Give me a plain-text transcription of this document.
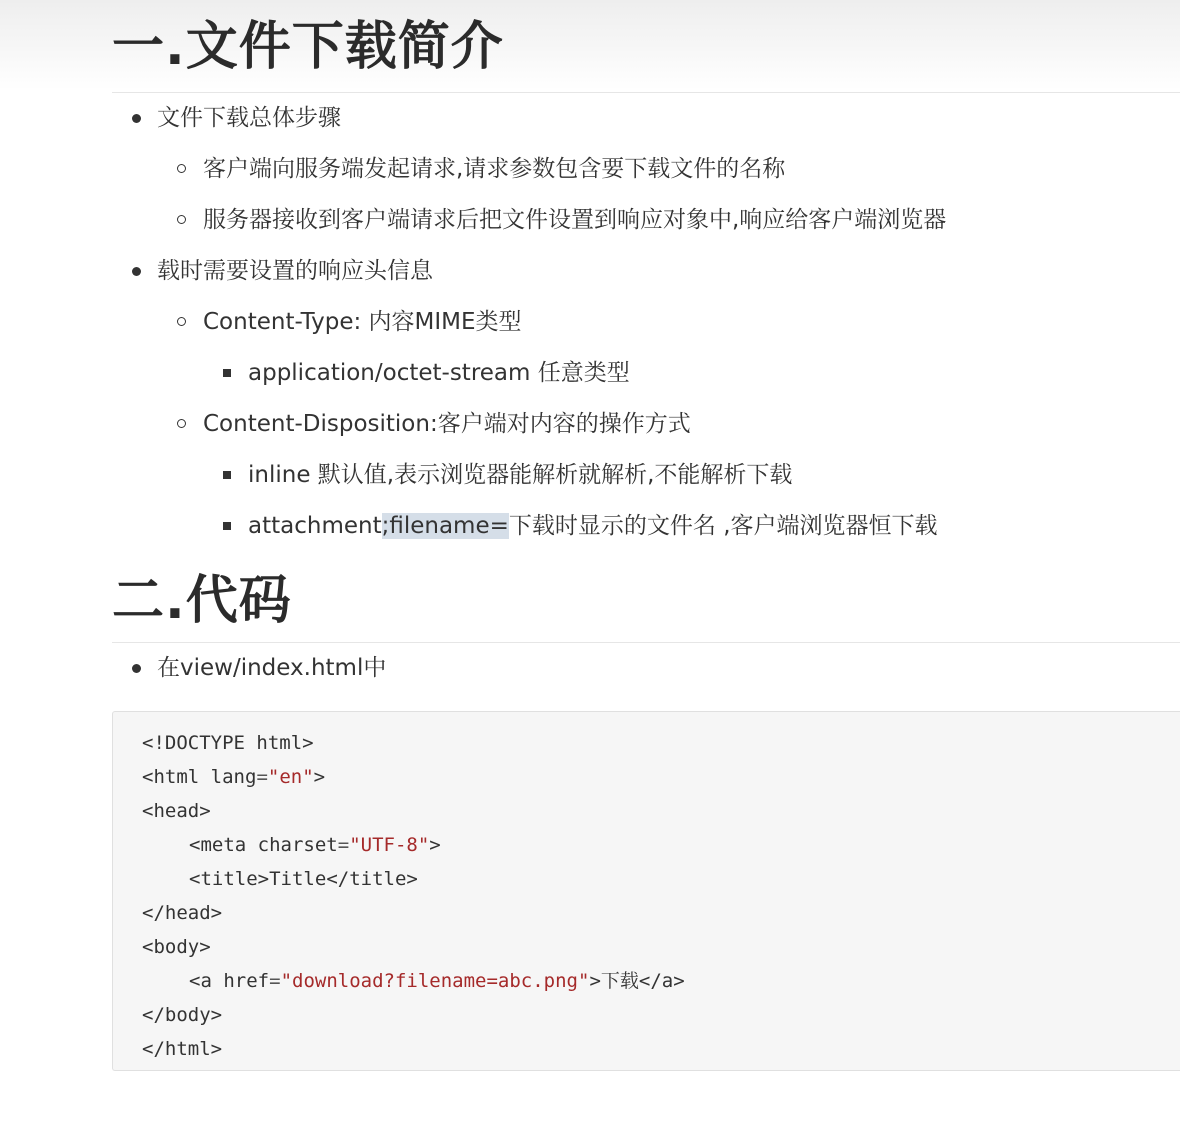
一.文件下载简介
文件下载总体步骤
客户端向服务端发起请求,请求参数包含要下载文件的名称
服务器接收到客户端请求后把文件设置到响应对象中,响应给客户端浏览器
载时需要设置的响应头信息
Content-Type: 内容MIME类型
application/octet-stream 任意类型
Content-Disposition:客户端对内容的操作方式
inline 默认值,表示浏览器能解析就解析,不能解析下载
attachment;filename=下载时显示的文件名 ,客户端浏览器恒下载
二.代码
在view/index.html中
<!DOCTYPE html>
<html lang="en">
<head>
<meta charset="UTF-8">
<title>Title</title>
</head>
<body>
<a href="download?filename=abc.png">下载</a>
</body>
</html>
